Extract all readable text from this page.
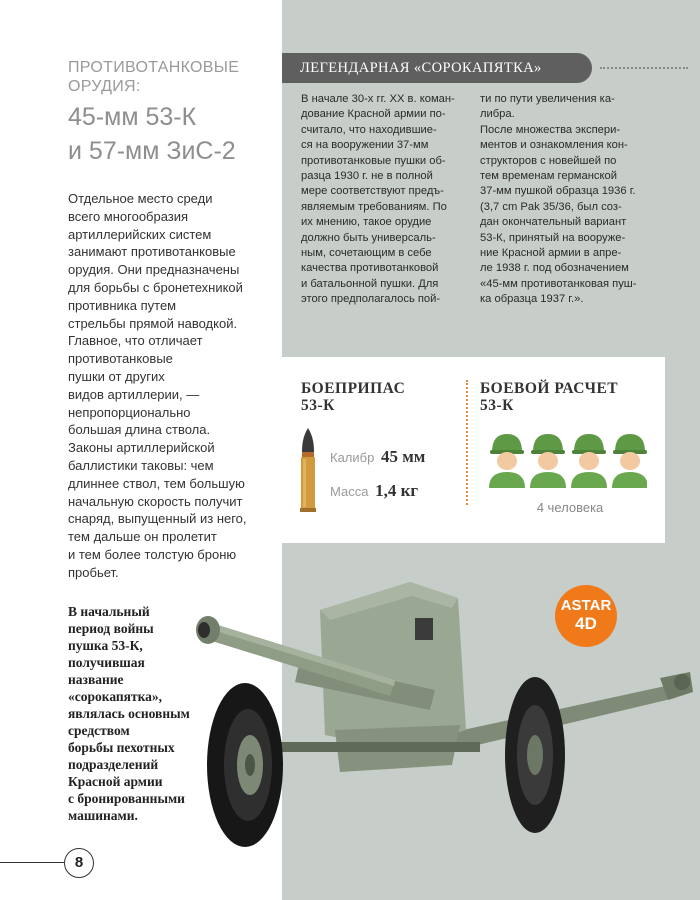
ПРОТИВОТАНКОВЫЕ
ОРУДИЯ:
45-мм 53-К
и 57-мм ЗиС-2
Отдельное место среди
всего многообразия
артиллерийских систем
занимают противотанковые
орудия. Они предназначены
для борьбы с бронетехникой
противника путем
стрельбы прямой наводкой.
Главное, что отличает
противотанковые
пушки от других
видов артиллерии, —
непропорционально
большая длина ствола.
Законы артиллерийской
баллистики таковы: чем
длиннее ствол, тем большую
начальную скорость получит
снаряд, выпущенный из него,
тем дальше он пролетит
и тем более толстую броню
пробьет.
В начальный
период войны
пушка 53-К,
получившая
название
«сорокапятка»,
являлась основным
средством
борьбы пехотных
подразделений
Красной армии
с бронированными
машинами.
ЛЕГЕНДАРНАЯ «СОРОКАПЯТКА»

В начале 30-х гг. XX в. коман-

дование Красной армии по-

считало, что находившие-

ся на вооружении 37-мм

противотанковые пушки об-

разца 1930 г. не в полной

мере соответствуют предъ-

являемым требованиям. По

их мнению, такое орудие

должно быть универсаль-

ным, сочетающим в себе

качества противотанковой

и батальонной пушки. Для

этого предполагалось пой-

ти по пути увеличения ка-

либра.

После множества экспери-

ментов и ознакомления кон-

структоров с новейшей по

тем временам германской

37-мм пушкой образца 1936 г.

(3,7 cm Pak 35/36, был соз-

дан окончательный вариант

53-К, принятый на вооруже-

ние Красной армии в апре-

ле 1938 г. под обозначением

«45-мм противотанковая пуш-

ка образца 1937 г.».

БОЕПРИПАС
53-К
Калибр 45 мм
Масса 1,4 кг
БОЕВОЙ РАСЧЕТ
53-К
4 человека
ASTAR
4D
8
